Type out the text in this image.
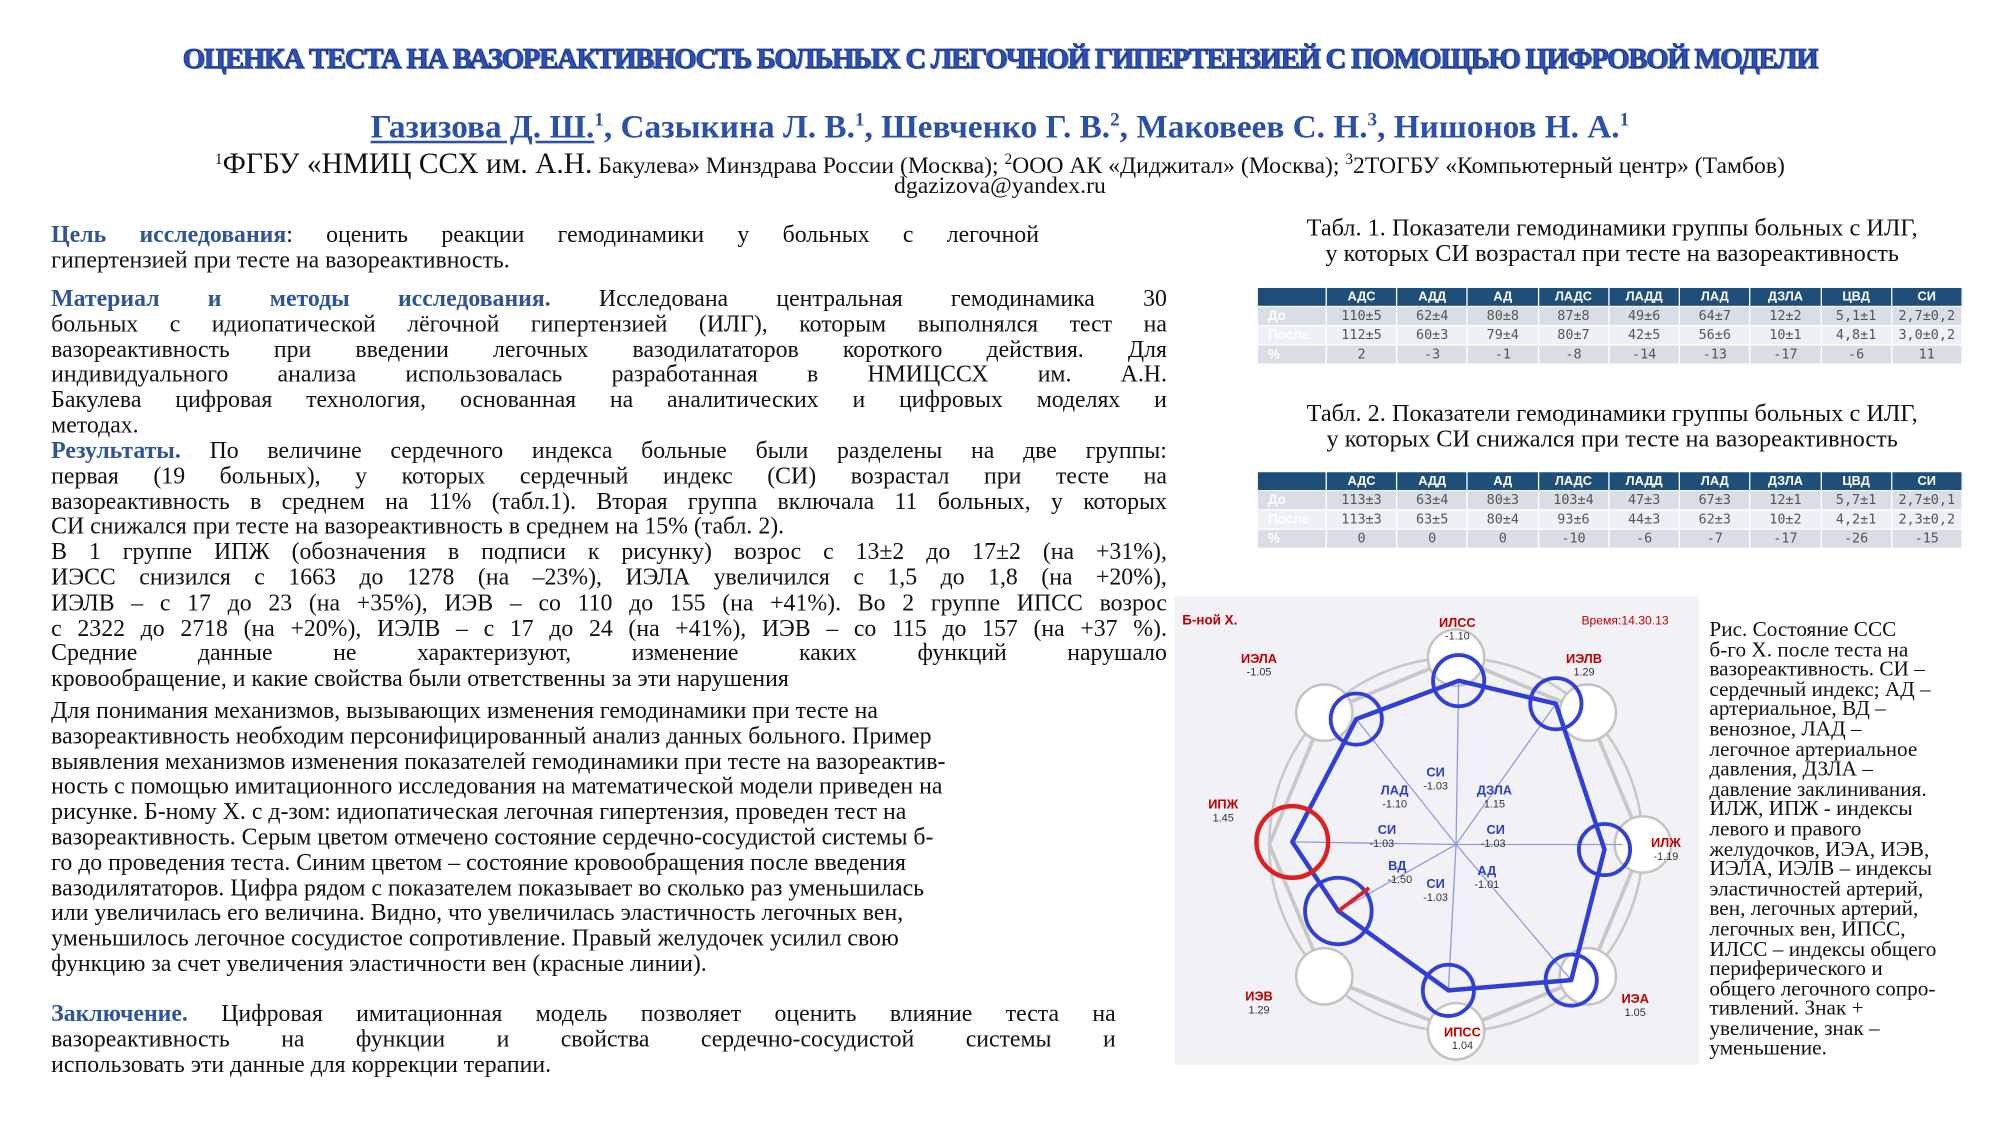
ОЦЕНКА ТЕСТА НА ВАЗОРЕАКТИВНОСТЬ БОЛЬНЫХ С ЛЕГОЧНОЙ ГИПЕРТЕНЗИЕЙ С ПОМОЩЬЮ ЦИФРОВОЙ МОДЕЛИ
Газизова Д. Ш.$^1$, Сазыкина Л. В.$^1$, Шевченко Г. В.$^2$, Маковеев С. Н.$^3$, Нишонов Н. А.$^1$
$^1$ФГБУ «НМИЦ ССХ им. А.Н. Бакулева» Минздрава России (Москва); $^2$ООО АК «Диджитал» (Москва); $^3$2ТОГБУ «Компьютерный центр» (Тамбов)
dgazizova@yandex.ru
Цель исследования: оценить реакции гемодинамики у больных с легочной
гипертензией при тесте на вазореактивность.
Материал и методы исследования. Исследована центральная гемодинамика 30
больных с идиопатической лёгочной гипертензией (ИЛГ), которым выполнялся тест на
вазореактивность при введении легочных вазодилататоров короткого действия. Для
индивидуального анализа использовалась разработанная в НМИЦССХ им. А.Н.
Бакулева цифровая технология, основанная на аналитических и цифровых моделях и
методах.
Результаты. По величине сердечного индекса больные были разделены на две группы:
первая (19 больных), у которых сердечный индекс (СИ) возрастал при тесте на
вазореактивность в среднем на 11% (табл.1). Вторая группа включала 11 больных, у которых
СИ снижался при тесте на вазореактивность в среднем на 15% (табл. 2).
В 1 группе ИПЖ (обозначения в подписи к рисунку) возрос с 13±2 до 17±2 (на +31%),
ИЭСС снизился с 1663 до 1278 (на –23%), ИЭЛА увеличился с 1,5 до 1,8 (на +20%),
ИЭЛВ – с 17 до 23 (на +35%), ИЭВ – со 110 до 155 (на +41%). Во 2 группе ИПСС возрос
с 2322 до 2718 (на +20%), ИЭЛВ – с 17 до 24 (на +41%), ИЭВ – со 115 до 157 (на +37 %).
Средние данные не характеризуют, изменение каких функций нарушало
кровообращение, и какие свойства были ответственны за эти нарушения
Для понимания механизмов, вызывающих изменения гемодинамики при тесте на
вазореактивность необходим персонифицированный анализ данных больного. Пример
выявления механизмов изменения показателей гемодинамики при тесте на вазореактив-
ность с помощью имитационного исследования на математической модели приведен на
рисунке. Б-ному Х. с д-зом: идиопатическая легочная гипертензия, проведен тест на
вазореактивность. Серым цветом отмечено состояние сердечно-сосудистой системы б-
го до проведения теста. Синим цветом – состояние кровообращения после введения
вазодилятаторов. Цифра рядом с показателем показывает во сколько раз уменьшилась
или увеличилась его величина. Видно, что увеличилась эластичность легочных вен,
уменьшилось легочное сосудистое сопротивление. Правый желудочек усилил свою
функцию за счет увеличения эластичности вен (красные линии).
Заключение. Цифровая имитационная модель позволяет оценить влияние теста на
вазореактивность на функции и свойства сердечно-сосудистой системы и
использовать эти данные для коррекции терапии.
Табл. 1. Показатели гемодинамики группы больных с ИЛГ,
у которых СИ возрастал при тесте на вазореактивность
	АДС	АДД	АД	ЛАДС	ЛАДД	ЛАД	ДЗЛА	ЦВД	СИ
До	110±5	62±4	80±8	87±8	49±6	64±7	12±2	5,1±1	2,7±0,2
После	112±5	60±3	79±4	80±7	42±5	56±6	10±1	4,8±1	3,0±0,2
%	2	-3	-1	-8	-14	-13	-17	-6	11
Табл. 2. Показатели гемодинамики группы больных с ИЛГ,
у которых СИ снижался при тесте на вазореактивность
	АДС	АДД	АД	ЛАДС	ЛАДД	ЛАД	ДЗЛА	ЦВД	СИ
До	113±3	63±4	80±3	103±4	47±3	67±3	12±1	5,7±1	2,7±0,1
После	113±3	63±5	80±4	93±6	44±3	62±3	10±2	4,2±1	2,3±0,2
%	0	0	0	-10	-6	-7	-17	-26	-15
Б-ной Х.	Время:14.30.13
ИЛСС
ИЭЛВ
ИЛЖ
ИЭА
ИПСС
ИЭВ
ИПЖ
ИЭЛА
-1.10
1.29
-1.19
1.05
1.04
1.29
1.45
-1.05
СИ
ДЗЛА
СИ
АД
СИ
ВД
СИ
ЛАД -1.03
1.15
-1.03
-1.01
-1.03
-1.50
-1.03
-1.10
Рис. Состояние ССС
б-го Х. после теста на
вазореактивность. СИ –
сердечный индекс; АД –
артериальное, ВД –
венозное, ЛАД –
легочное артериальное
давления, ДЗЛА –
давление заклинивания.
ИЛЖ, ИПЖ - индексы
левого и правого
желудочков, ИЭА, ИЭВ,
ИЭЛА, ИЭЛВ – индексы
эластичностей артерий,
вен, легочных артерий,
легочных вен, ИПСС,
ИЛСС – индексы общего
периферического и
общего легочного сопро-
тивлений. Знак +
увеличение, знак –
уменьшение.
